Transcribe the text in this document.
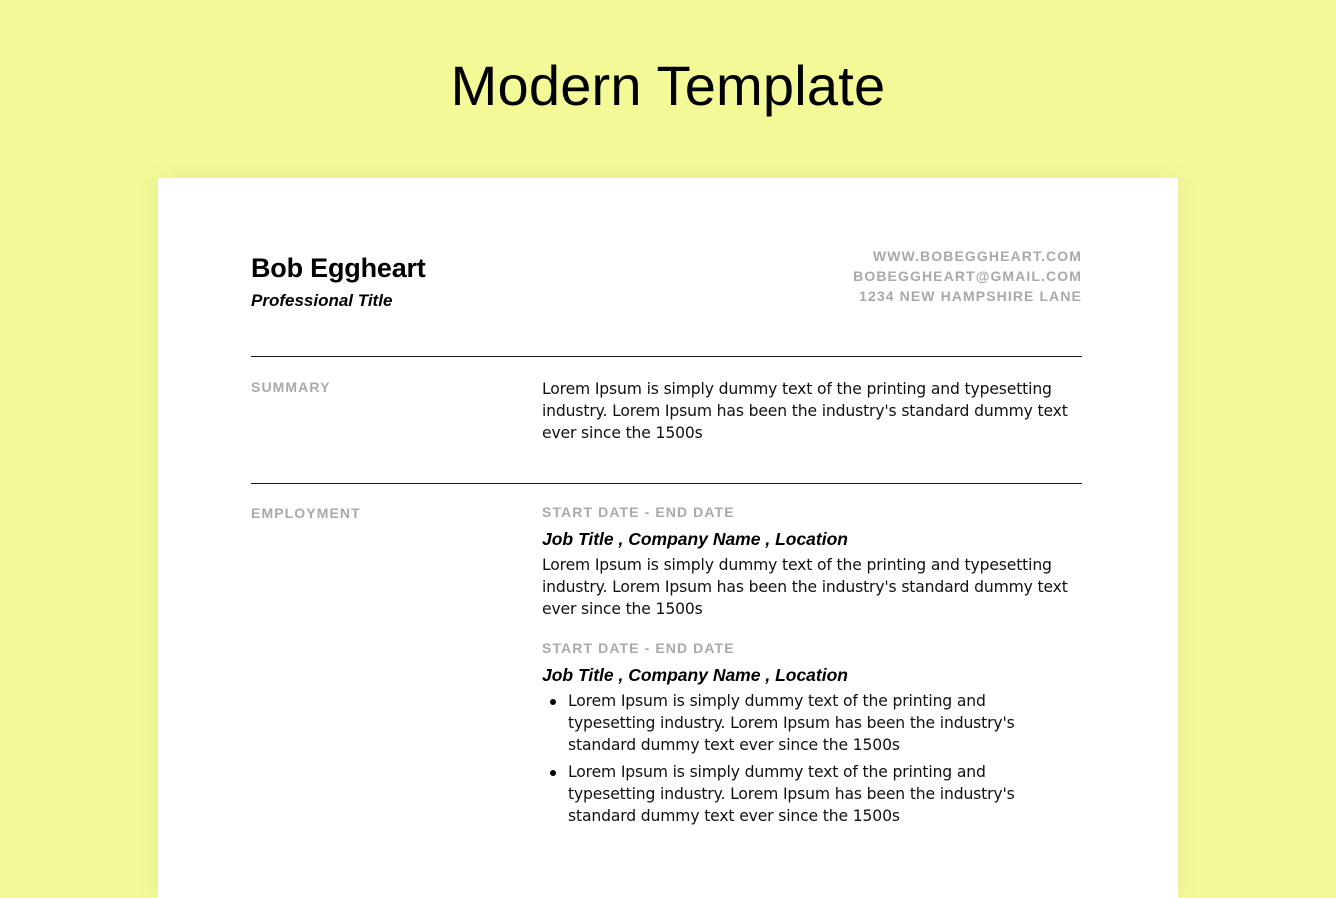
Modern Template
Bob Eggheart
Professional Title
WWW.BOBEGGHEART.COM
BOBEGGHEART@GMAIL.COM
1234 NEW HAMPSHIRE LANE
SUMMARY	Lorem Ipsum is simply dummy text of the printing and typesetting industry. Lorem Ipsum has been the industry's standard dummy text ever since the 1500s

EMPLOYMENT	START DATE - END DATE
Job Title , Company Name , Location

Lorem Ipsum is simply dummy text of the printing and typesetting industry. Lorem Ipsum has been the industry's standard dummy text ever since the 1500s

START DATE - END DATE
Job Title , Company Name , Location

Lorem Ipsum is simply dummy text of the printing and typesetting industry. Lorem Ipsum has been the industry's standard dummy text ever since the 1500s

Lorem Ipsum is simply dummy text of the printing and typesetting industry. Lorem Ipsum has been the industry's standard dummy text ever since the 1500s
